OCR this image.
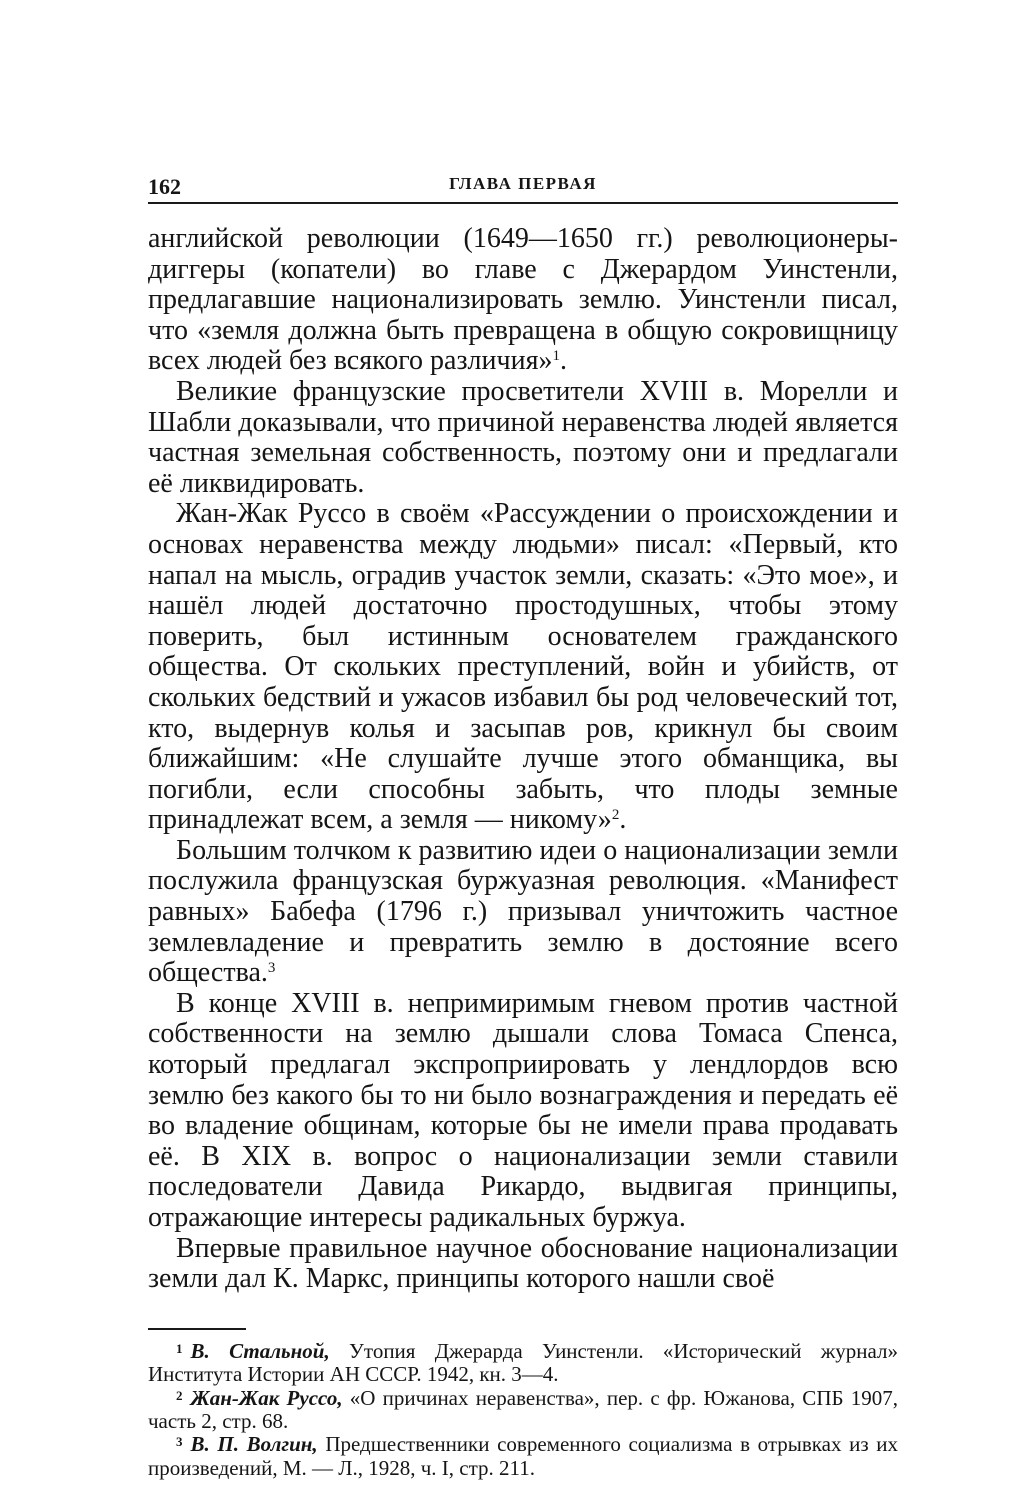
162	ГЛАВА ПЕРВАЯ

английской революции (1649—1650 гг.) революционеры-диггеры (копатели) во главе с Джерардом Уинстенли, предлагавшие национализировать землю. Уинстенли писал, что «земля должна быть превращена в общую сокровищницу всех людей без всякого различия»$^1$.

Великие французские просветители XVIII в. Морелли и Шабли доказывали, что причиной неравенства людей является частная земельная собственность, поэтому они и предлагали её ликвидировать.

Жан-Жак Руссо в своём «Рассуждении о происхождении и основах неравенства между людьми» писал: «Первый, кто напал на мысль, оградив участок земли, сказать: «Это мое», и нашёл людей достаточно простодушных, чтобы этому поверить, был истинным основателем гражданского общества. От скольких преступлений, войн и убийств, от скольких бедствий и ужасов избавил бы род человеческий тот, кто, выдернув колья и засыпав ров, крикнул бы своим ближайшим: «Не слушайте лучше этого обманщика, вы погибли, если способны забыть, что плоды земные принадлежат всем, а земля — никому»$^2$.

Большим толчком к развитию идеи о национализации земли послужила французская буржуазная революция. «Манифест равных» Бабефа (1796 г.) призывал уничтожить частное землевладение и превратить землю в достояние всего общества.$^3$

В конце XVIII в. непримиримым гневом против частной собственности на землю дышали слова Томаса Спенса, который предлагал экспроприировать у лендлордов всю землю без какого бы то ни было вознаграждения и передать её во владение общинам, которые бы не имели права продавать её. В XIX в. вопрос о национализации земли ставили последователи Давида Рикардо, выдвигая принципы, отражающие интересы радикальных буржуа.

Впервые правильное научное обоснование национализации земли дал К. Маркс, принципы которого нашли своё

$^1$ В. Стальной, Утопия Джерарда Уинстенли. «Исторический журнал» Института Истории АН СССР. 1942, кн. 3—4.

$^2$ Жан-Жак Руссо, «О причинах неравенства», пер. с фр. Южанова, СПБ 1907, часть 2, стр. 68.

$^3$ В. П. Волгин, Предшественники современного социализма в отрывках из их произведений, М. — Л., 1928, ч. I, стр. 211.
